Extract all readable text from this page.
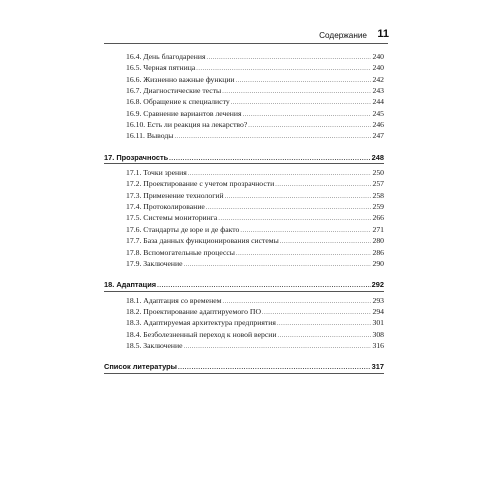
Содержание 11
16.4. День благодарения .....	240
16.5. Черная пятница .....	240
16.6. Жизненно важные функции .....	242
16.7. Диагностические тесты .....	243
16.8. Обращение к специалисту .....	244
16.9. Сравнение вариантов лечения .....	245
16.10. Есть ли реакция на лекарство? .....	246
16.11. Выводы .....	247
17. Прозрачность .....	248
17.1. Точки зрения .....	250
17.2. Проектирование с учетом прозрачности .....	257
17.3. Применение технологий .....	258
17.4. Протоколирование .....	259
17.5. Системы мониторинга .....	266
17.6. Стандарты де юре и де факто .....	271
17.7. База данных функционирования системы .....	280
17.8. Вспомогательные процессы .....	286
17.9. Заключение .....	290
18. Адаптация .....	292
18.1. Адаптация со временем .....	293
18.2. Проектирование адаптируемого ПО .....	294
18.3. Адаптируемая архитектура предприятия .....	301
18.4. Безболезненный переход к новой версии .....	308
18.5. Заключение .....	316
Список литературы .....	317
